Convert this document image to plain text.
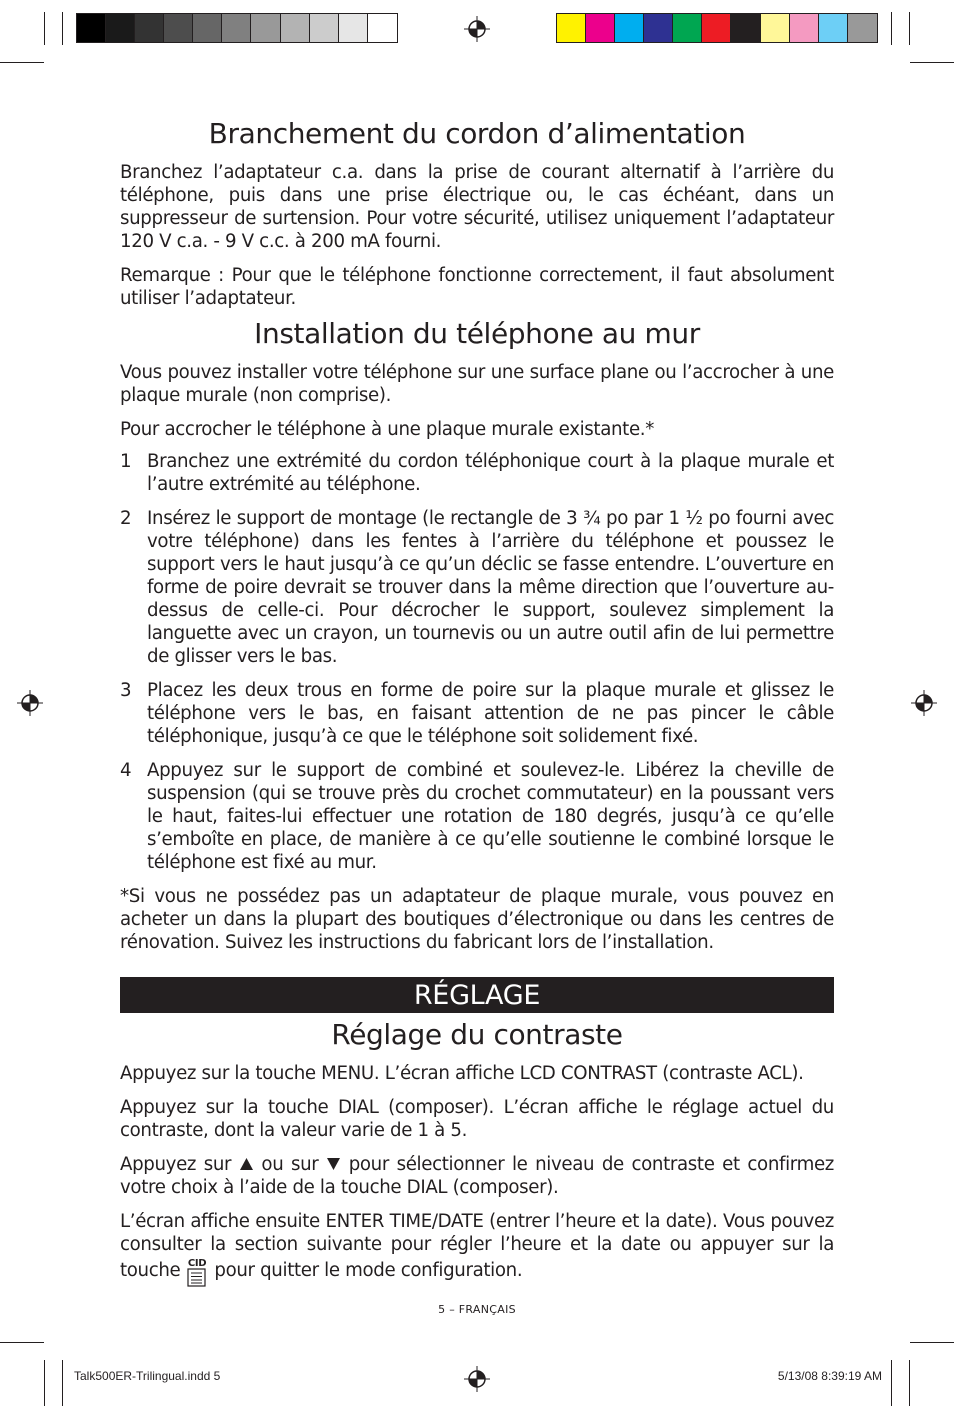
Branchement du cordon d’alimentation

Branchez l’adaptateur c.a. dans la prise de courant alternatif à l’arrière du téléphone, puis dans une prise électrique ou, le cas échéant, dans un suppresseur de surtension. Pour votre sécurité, utilisez uniquement l’adaptateur 120 V c.a. - 9 V c.c. à 200 mA fourni.

Remarque : Pour que le téléphone fonctionne correctement, il faut absolument utiliser l’adaptateur.

Installation du téléphone au mur

Vous pouvez installer votre téléphone sur une surface plane ou l’accrocher à une plaque murale (non comprise).

Pour accrocher le téléphone à une plaque murale existante.*

1 Branchez une extrémité du cordon téléphonique court à la plaque murale et l’autre extrémité au téléphone.
2 Insérez le support de montage (le rectangle de 3 ¾ po par 1 ½ po fourni avec votre téléphone) dans les fentes à l’arrière du téléphone et poussez le support vers le haut jusqu’à ce qu’un déclic se fasse entendre. L’ouverture en forme de poire devrait se trouver dans la même direction que l’ouverture au-dessus de celle-ci. Pour décrocher le support, soulevez simplement la languette avec un crayon, un tournevis ou un autre outil afin de lui permettre de glisser vers le bas.
3 Placez les deux trous en forme de poire sur la plaque murale et glissez le téléphone vers le bas, en faisant attention de ne pas pincer le câble téléphonique, jusqu’à ce que le téléphone soit solidement fixé.
4 Appuyez sur le support de combiné et soulevez-le. Libérez la cheville de suspension (qui se trouve près du crochet commutateur) en la poussant vers le haut, faites-lui effectuer une rotation de 180 degrés, jusqu’à ce qu’elle s’emboîte en place, de manière à ce qu’elle soutienne le combiné lorsque le téléphone est fixé au mur.

*Si vous ne possédez pas un adaptateur de plaque murale, vous pouvez en acheter un dans la plupart des boutiques d’électronique ou dans les centres de rénovation. Suivez les instructions du fabricant lors de l’installation.

RÉGLAGE
Réglage du contraste

Appuyez sur la touche MENU. L’écran affiche LCD CONTRAST (contraste ACL).

Appuyez sur la touche DIAL (composer). L’écran affiche le réglage actuel du contraste, dont la valeur varie de 1 à 5.

Appuyez sur ou sur pour sélectionner le niveau de contraste et confirmez votre choix à l’aide de la touche DIAL (composer).

L’écran affiche ensuite ENTER TIME/DATE (entrer l’heure et la date). Vous pouvez consulter la section suivante pour régler l’heure et la date ou appuyer sur la touche CID pour quitter le mode configuration.

5 – FRANÇAIS
Talk500ER-Trilingual.indd 5	5/13/08 8:39:19 AM
